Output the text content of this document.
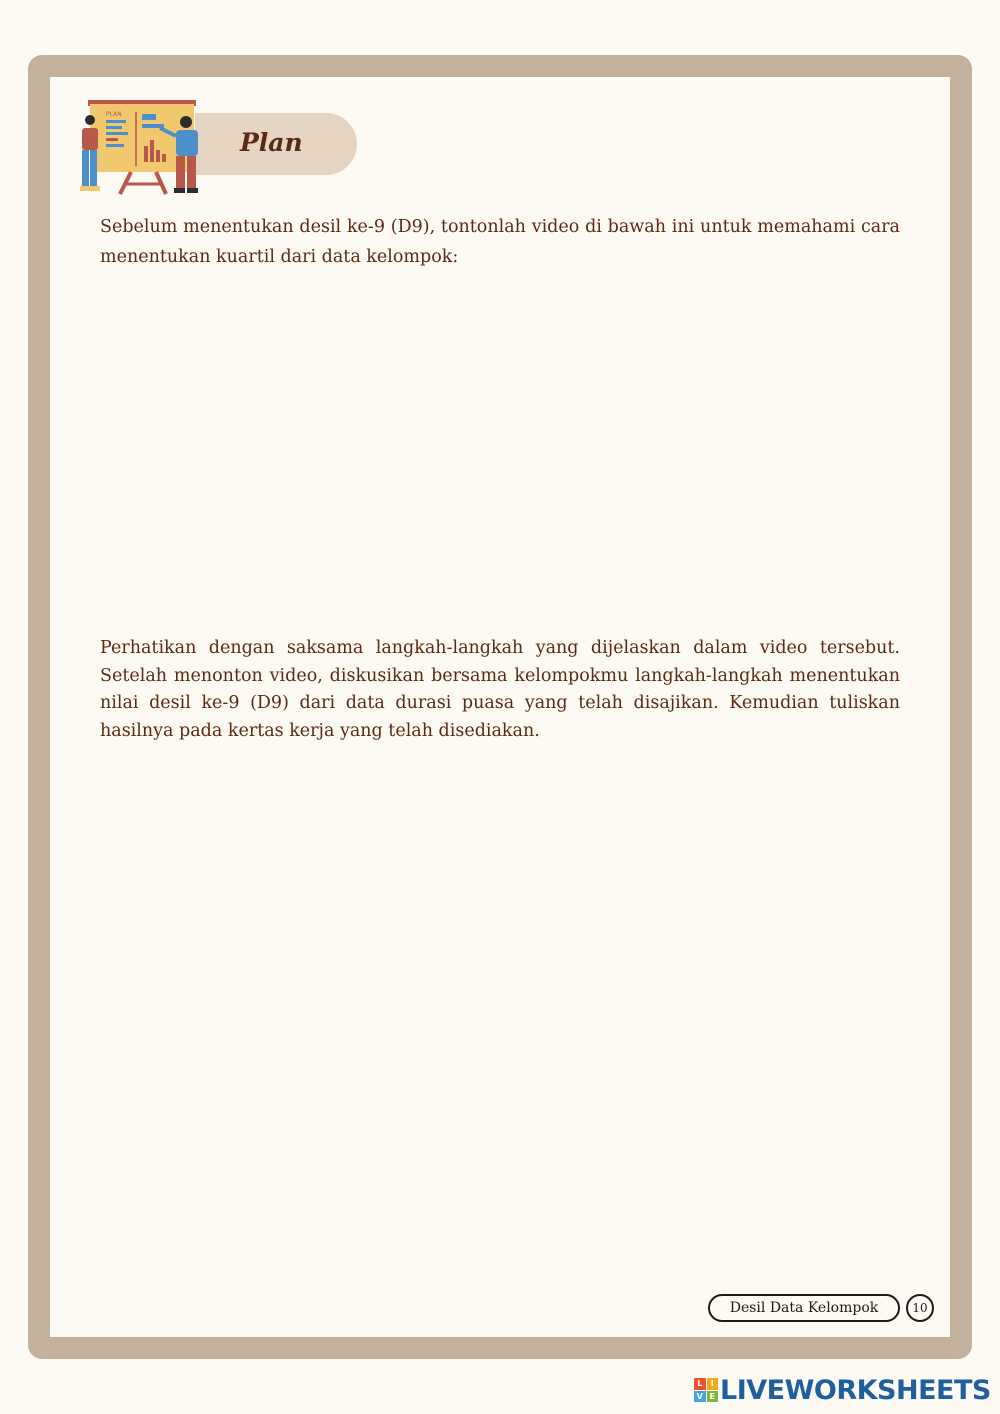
PLAN
Plan

Sebelum menentukan desil ke-9 (D9), tontonlah video di bawah ini untuk memahami cara menentukan kuartil dari data kelompok:

Perhatikan dengan saksama langkah-langkah yang dijelaskan dalam video tersebut. Setelah menonton video, diskusikan bersama kelompokmu langkah-langkah menentukan nilai desil ke-9 (D9) dari data durasi puasa yang telah disajikan. Kemudian tuliskan hasilnya pada kertas kerja yang telah disediakan.

Desil Data Kelompok	10
L	I
V E LIVEWORKSHEETS
